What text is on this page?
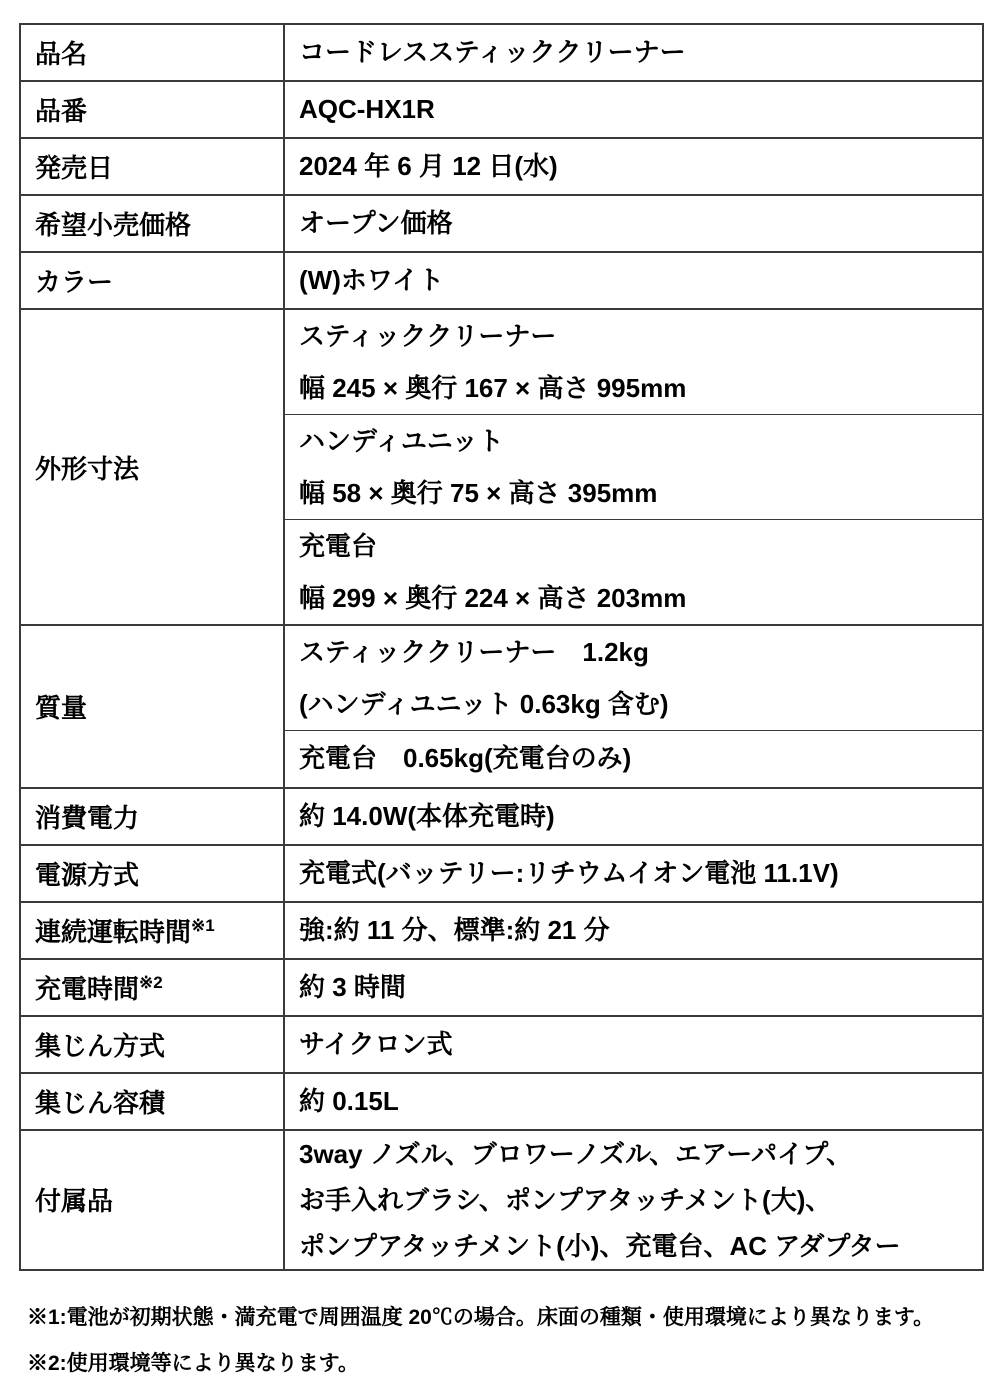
品名	コードレススティッククリーナー

品番	AQC-HX1R

発売日	2024 年 6 月 12 日(水)

希望小売価格	オープン価格

カラー	(W)ホワイト

外形寸法	スティッククリーナー
幅 245 × 奥行 167 × 高さ 995mm

	ハンディユニット
幅 58 × 奥行 75 × 高さ 395mm

	充電台
幅 299 × 奥行 224 × 高さ 203mm

質量	スティッククリーナー　1.2kg
(ハンディユニット 0.63kg 含む)

	充電台　0.65kg(充電台のみ)

消費電力	約 14.0W(本体充電時)

電源方式	充電式(バッテリー:リチウムイオン電池 11.1V)

連続運転時間$^{※1}$	強:約 11 分、標準:約 21 分

充電時間$^{※2}$	約 3 時間

集じん方式	サイクロン式

集じん容積	約 0.15L

付属品	3way ノズル、ブロワーノズル、エアーパイプ、
お手入れブラシ、ポンプアタッチメント(大)、
ポンプアタッチメント(小)、充電台、AC アダプター
※1:電池が初期状態・満充電で周囲温度 20℃の場合。床面の種類・使用環境により異なります。
※2:使用環境等により異なります。
